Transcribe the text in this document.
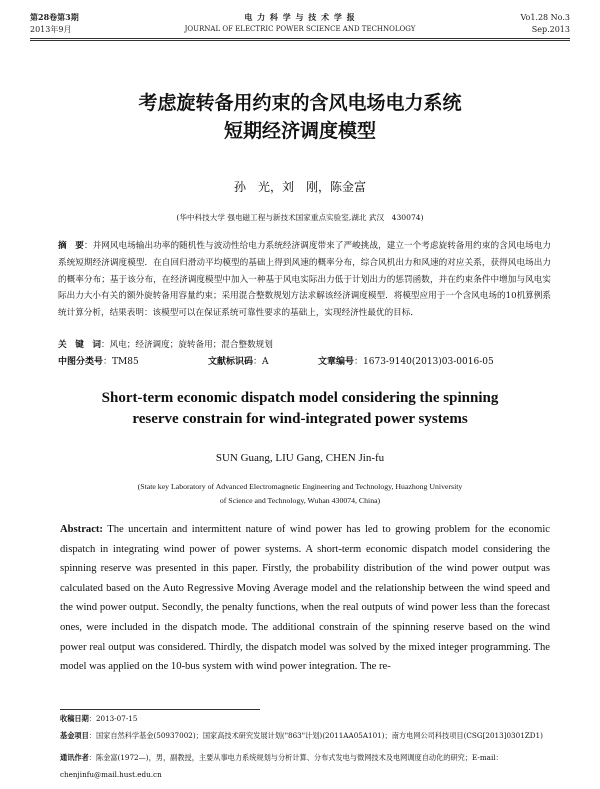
第28卷第3期
2013年9月
电 力 科 学 与 技 术 学 报
JOURNAL OF ELECTRIC POWER SCIENCE AND TECHNOLOGY
Vo1.28 No.3
Sep.2013
考虑旋转备用约束的含风电场电力系统
短期经济调度模型
孙　光，刘　刚，陈金富
(华中科技大学 强电磁工程与新技术国家重点实验室,湖北 武汉　430074)
摘　要：并网风电场输出功率的随机性与波动性给电力系统经济调度带来了严峻挑战，建立一个考虑旋转备用约束的含风电场电力系统短期经济调度模型．在自回归滑动平均模型的基础上得到风速的概率分布，综合风机出力和风速的对应关系，获得风电场出力的概率分布；基于该分布，在经济调度模型中加入一种基于风电实际出力低于计划出力的惩罚函数，并在约束条件中增加与风电实际出力大小有关的额外旋转备用容量约束；采用混合整数规划方法求解该经济调度模型．将模型应用于一个含风电场的10机算例系统计算分析，结果表明：该模型可以在保证系统可靠性要求的基础上，实现经济性最优的目标．
关　键　词：风电；经济调度；旋转备用；混合整数规划
中图分类号：TM85	文献标识码：A	文章编号：1673-9140(2013)03-0016-05
Short-term economic dispatch model considering the spinning
reserve constrain for wind-integrated power systems
SUN Guang, LIU Gang, CHEN Jin-fu
(State key Laboratory of Advanced Electromagnetic Engineering and Technology, Huazhong University
of Science and Technology, Wuhan 430074, China)
Abstract: The uncertain and intermittent nature of wind power has led to growing problem for the economic dispatch in integrating wind power of power systems. A short-term economic dispatch model considering the spinning reserve was presented in this paper. Firstly, the probability distribution of the wind power output was calculated based on the Auto Regressive Moving Average model and the relationship between the wind speed and the wind power output. Secondly, the penalty functions, when the real outputs of wind power less than the forecast ones, were included in the dispatch mode. The additional constrain of the spinning reserve based on the wind power real output was considered. Thirdly, the dispatch model was solved by the mixed integer programming. The model was applied on the 10-bus system with wind power integration. The re-
收稿日期：2013-07-15
基金项目：国家自然科学基金(50937002)；国家高技术研究发展计划("863"计划)(2011AA05A101)；南方电网公司科技项目(CSG[2013]0301ZD1)
通讯作者：陈金富(1972—)，男，副教授，主要从事电力系统规划与分析计算、分布式发电与微网技术及电网调度自动化的研究；E-mail：chenjinfu@mail.hust.edu.cn
